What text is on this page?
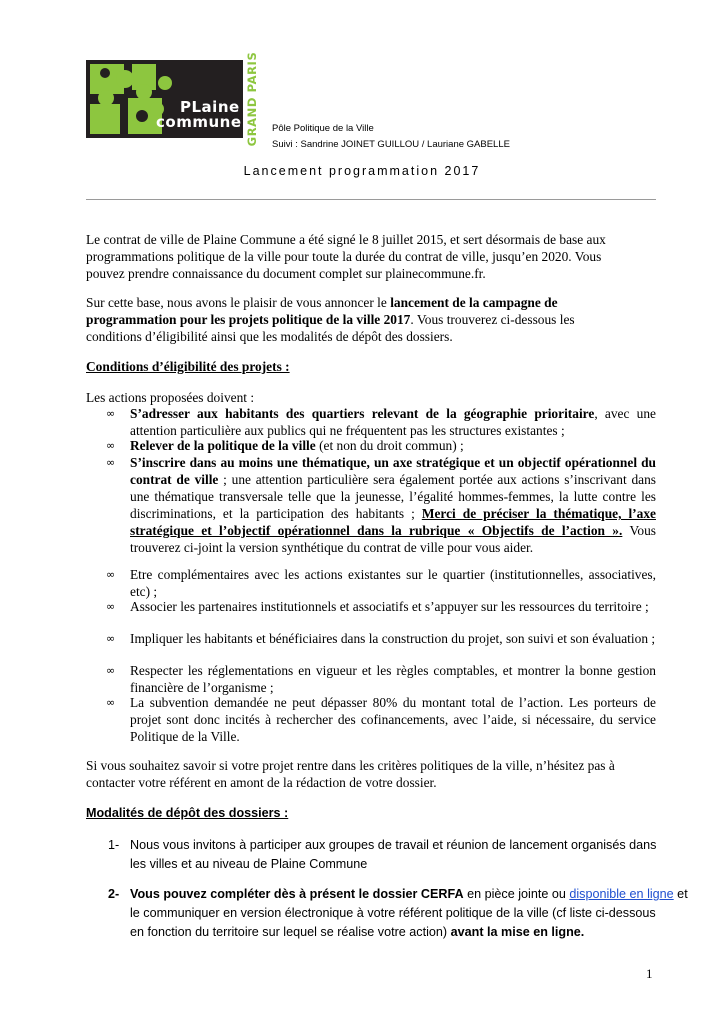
PLaine
commune GRAND PARIS Pôle Politique de la Ville
Suivi : Sandrine JOINET GUILLOU / Lauriane GABELLE
Lancement programmation 2017
Le contrat de ville de Plaine Commune a été signé le 8 juillet 2015, et sert désormais de base aux
programmations politique de la ville pour toute la durée du contrat de ville, jusqu’en 2020. Vous
pouvez prendre connaissance du document complet sur plainecommune.fr.
Sur cette base, nous avons le plaisir de vous annoncer le lancement de la campagne de
programmation pour les projets politique de la ville 2017. Vous trouverez ci-dessous les
conditions d’éligibilité ainsi que les modalités de dépôt des dossiers.
Conditions d’éligibilité des projets :
Les actions proposées doivent :
∞ S’adresser aux habitants des quartiers relevant de la géographie prioritaire, avec une attention particulière aux publics qui ne fréquentent pas les structures existantes ;
∞ Relever de la politique de la ville (et non du droit commun) ;
∞ S’inscrire dans au moins une thématique, un axe stratégique et un objectif opérationnel du contrat de ville ; une attention particulière sera également portée aux actions s’inscrivant dans une thématique transversale telle que la jeunesse, l’égalité hommes-femmes, la lutte contre les discriminations, et la participation des habitants ; Merci de préciser la thématique, l’axe stratégique et l’objectif opérationnel dans la rubrique « Objectifs de l’action ». Vous trouverez ci-joint la version synthétique du contrat de ville pour vous aider.
∞ Etre complémentaires avec les actions existantes sur le quartier (institutionnelles, associatives, etc) ;
∞ Associer les partenaires institutionnels et associatifs et s’appuyer sur les ressources du territoire ;
∞ Impliquer les habitants et bénéficiaires dans la construction du projet, son suivi et son évaluation ;
∞ Respecter les réglementations en vigueur et les règles comptables, et montrer la bonne gestion financière de l’organisme ;
∞ La subvention demandée ne peut dépasser 80% du montant total de l’action. Les porteurs de projet sont donc incités à rechercher des cofinancements, avec l’aide, si nécessaire, du service Politique de la Ville.
Si vous souhaitez savoir si votre projet rentre dans les critères politiques de la ville, n’hésitez pas à
contacter votre référent en amont de la rédaction de votre dossier.
Modalités de dépôt des dossiers :
1- Nous vous invitons à participer aux groupes de travail et réunion de lancement organisés dans
les villes et au niveau de Plaine Commune
2- Vous pouvez compléter dès à présent le dossier CERFA en pièce jointe ou disponible en ligne et
le communiquer en version électronique à votre référent politique de la ville (cf liste ci-dessous
en fonction du territoire sur lequel se réalise votre action) avant la mise en ligne.
1
